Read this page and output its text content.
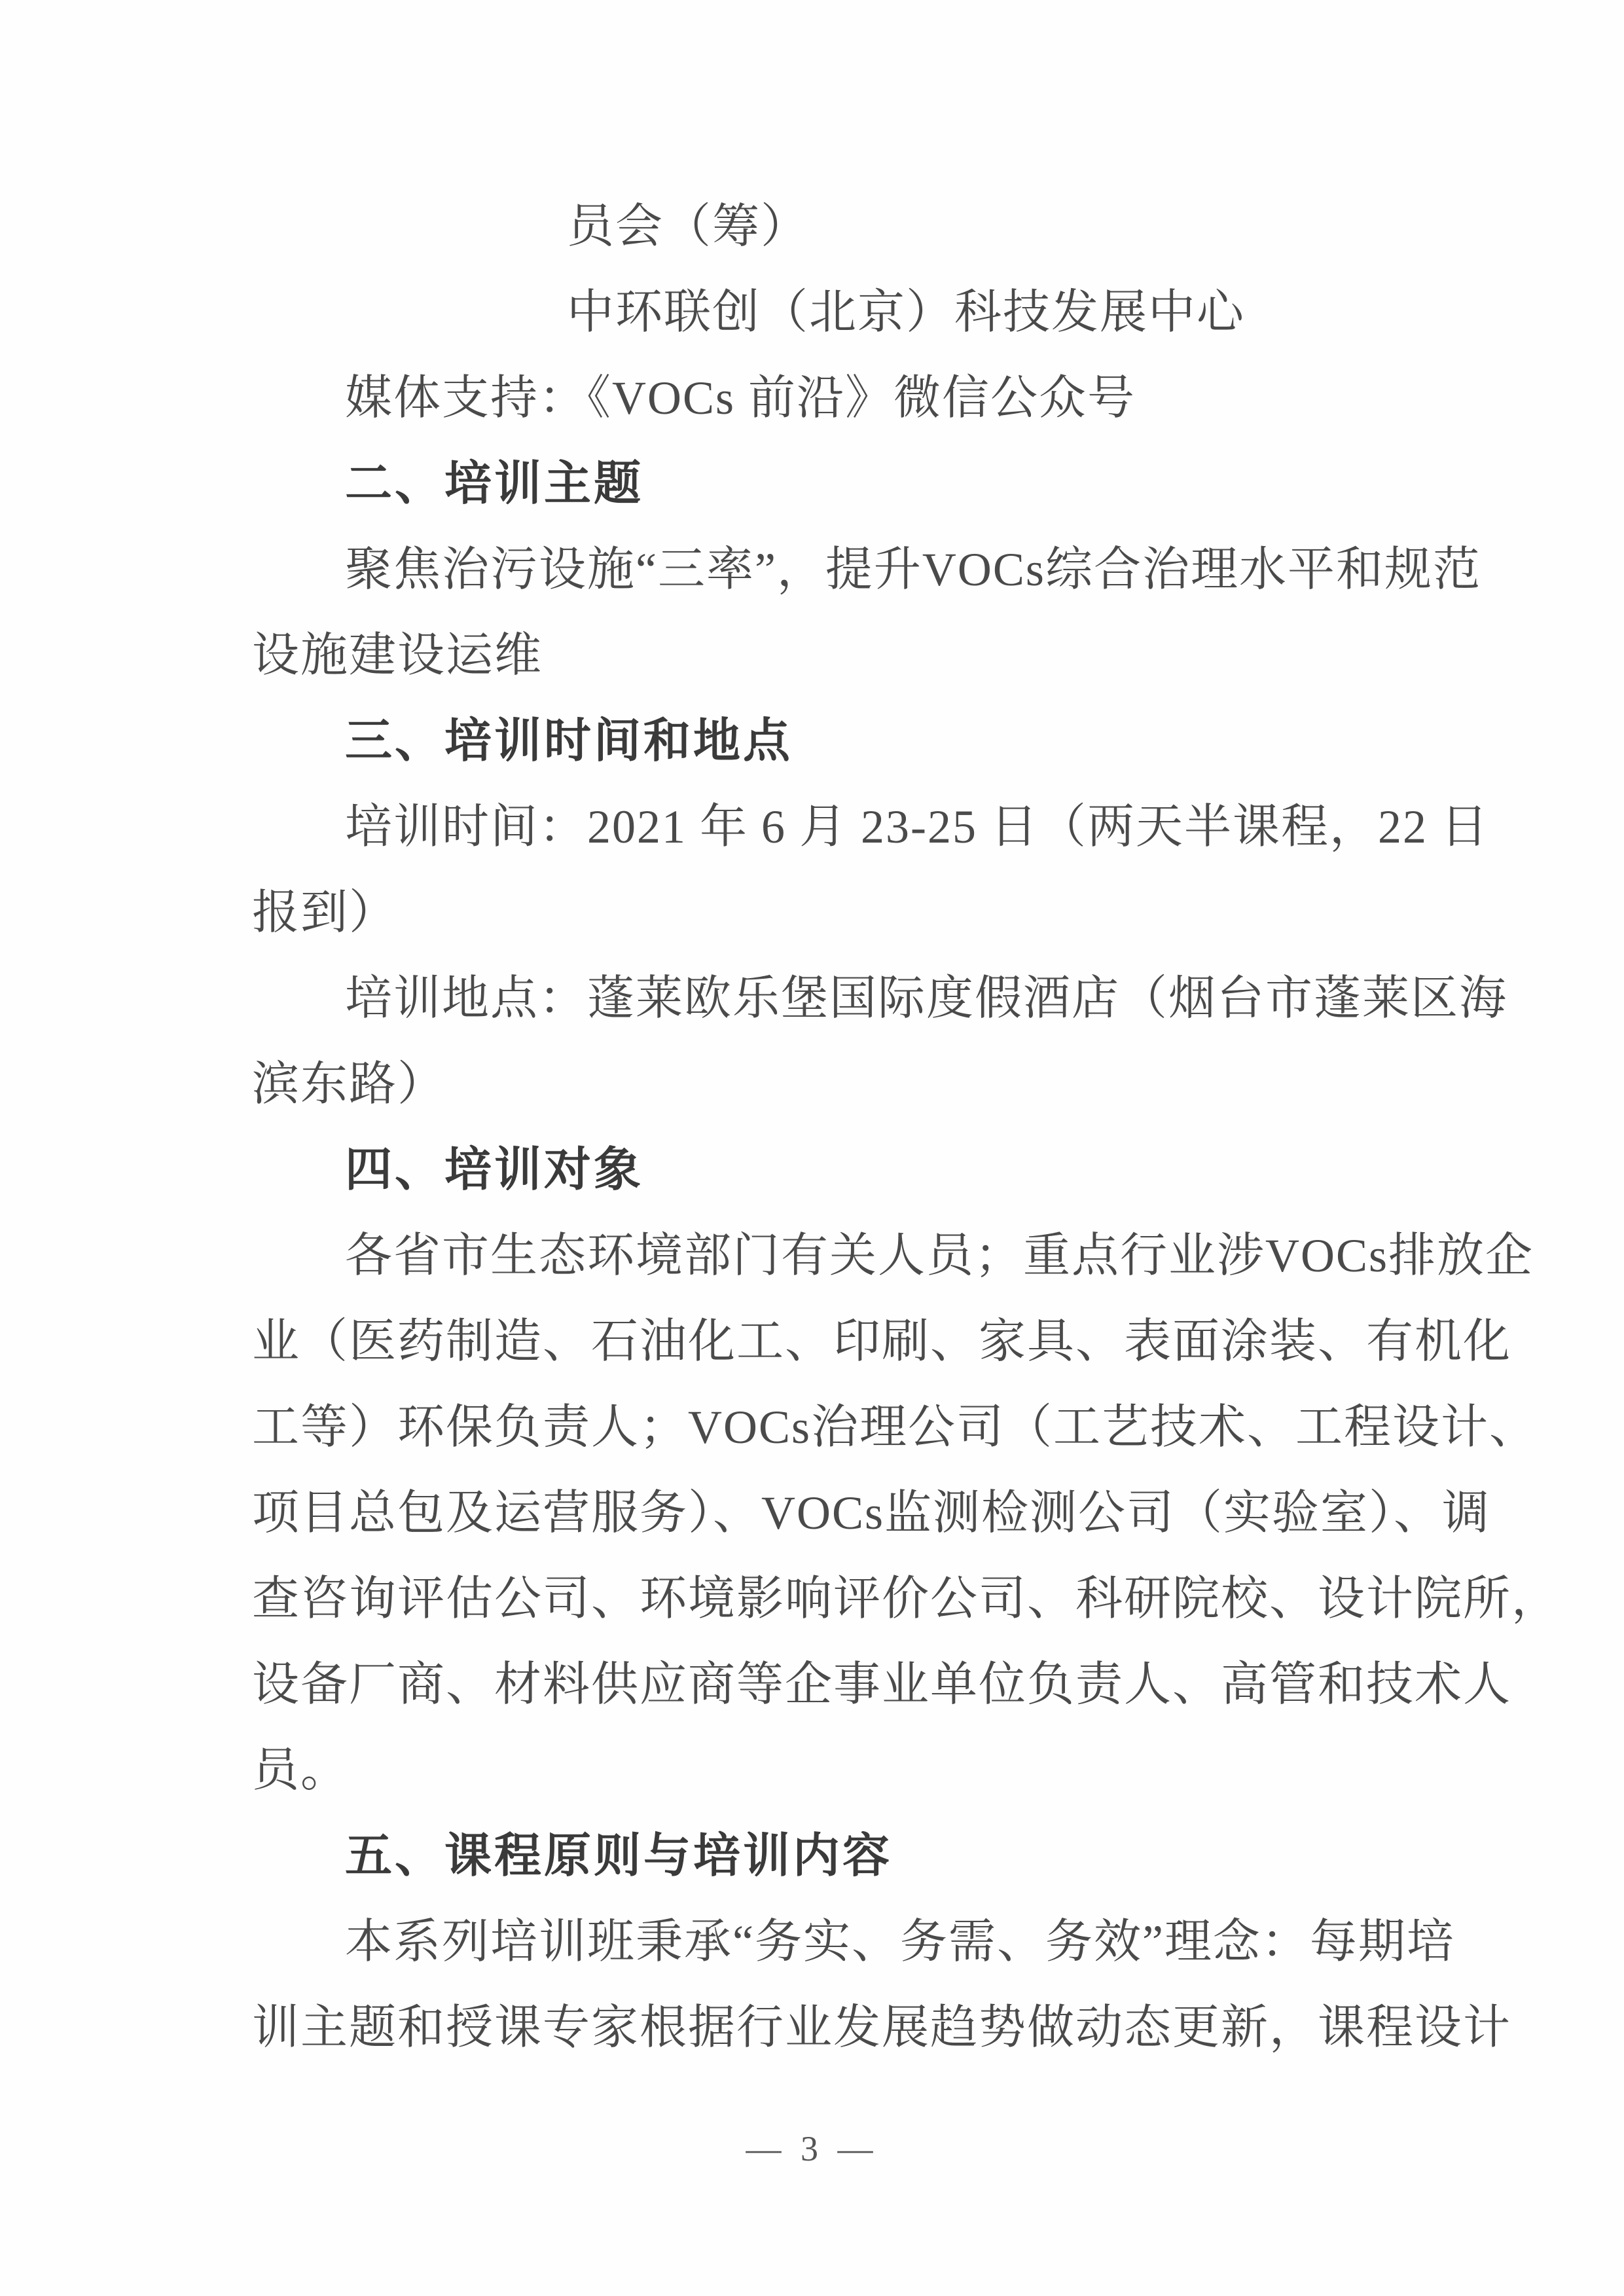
员会（筹）
中环联创（北京）科技发展中心
媒体支持：《VOCs 前沿》微信公众号
二、培训主题
聚焦治污设施“三率”，提升VOCs综合治理水平和规范
设施建设运维
三、培训时间和地点
培训时间：2021 年 6 月 23-25 日（两天半课程，22 日
报到）
培训地点：蓬莱欧乐堡国际度假酒店（烟台市蓬莱区海
滨东路）
四、培训对象
各省市生态环境部门有关人员；重点行业涉VOCs排放企
业（医药制造、石油化工、印刷、家具、表面涂装、有机化
工等）环保负责人；VOCs治理公司（工艺技术、工程设计、
项目总包及运营服务）、VOCs监测检测公司（实验室）、调
查咨询评估公司、环境影响评价公司、科研院校、设计院所，
设备厂商、材料供应商等企事业单位负责人、高管和技术人
员。
五、课程原则与培训内容
本系列培训班秉承“务实、务需、务效”理念：每期培
训主题和授课专家根据行业发展趋势做动态更新，课程设计
— 3 —
